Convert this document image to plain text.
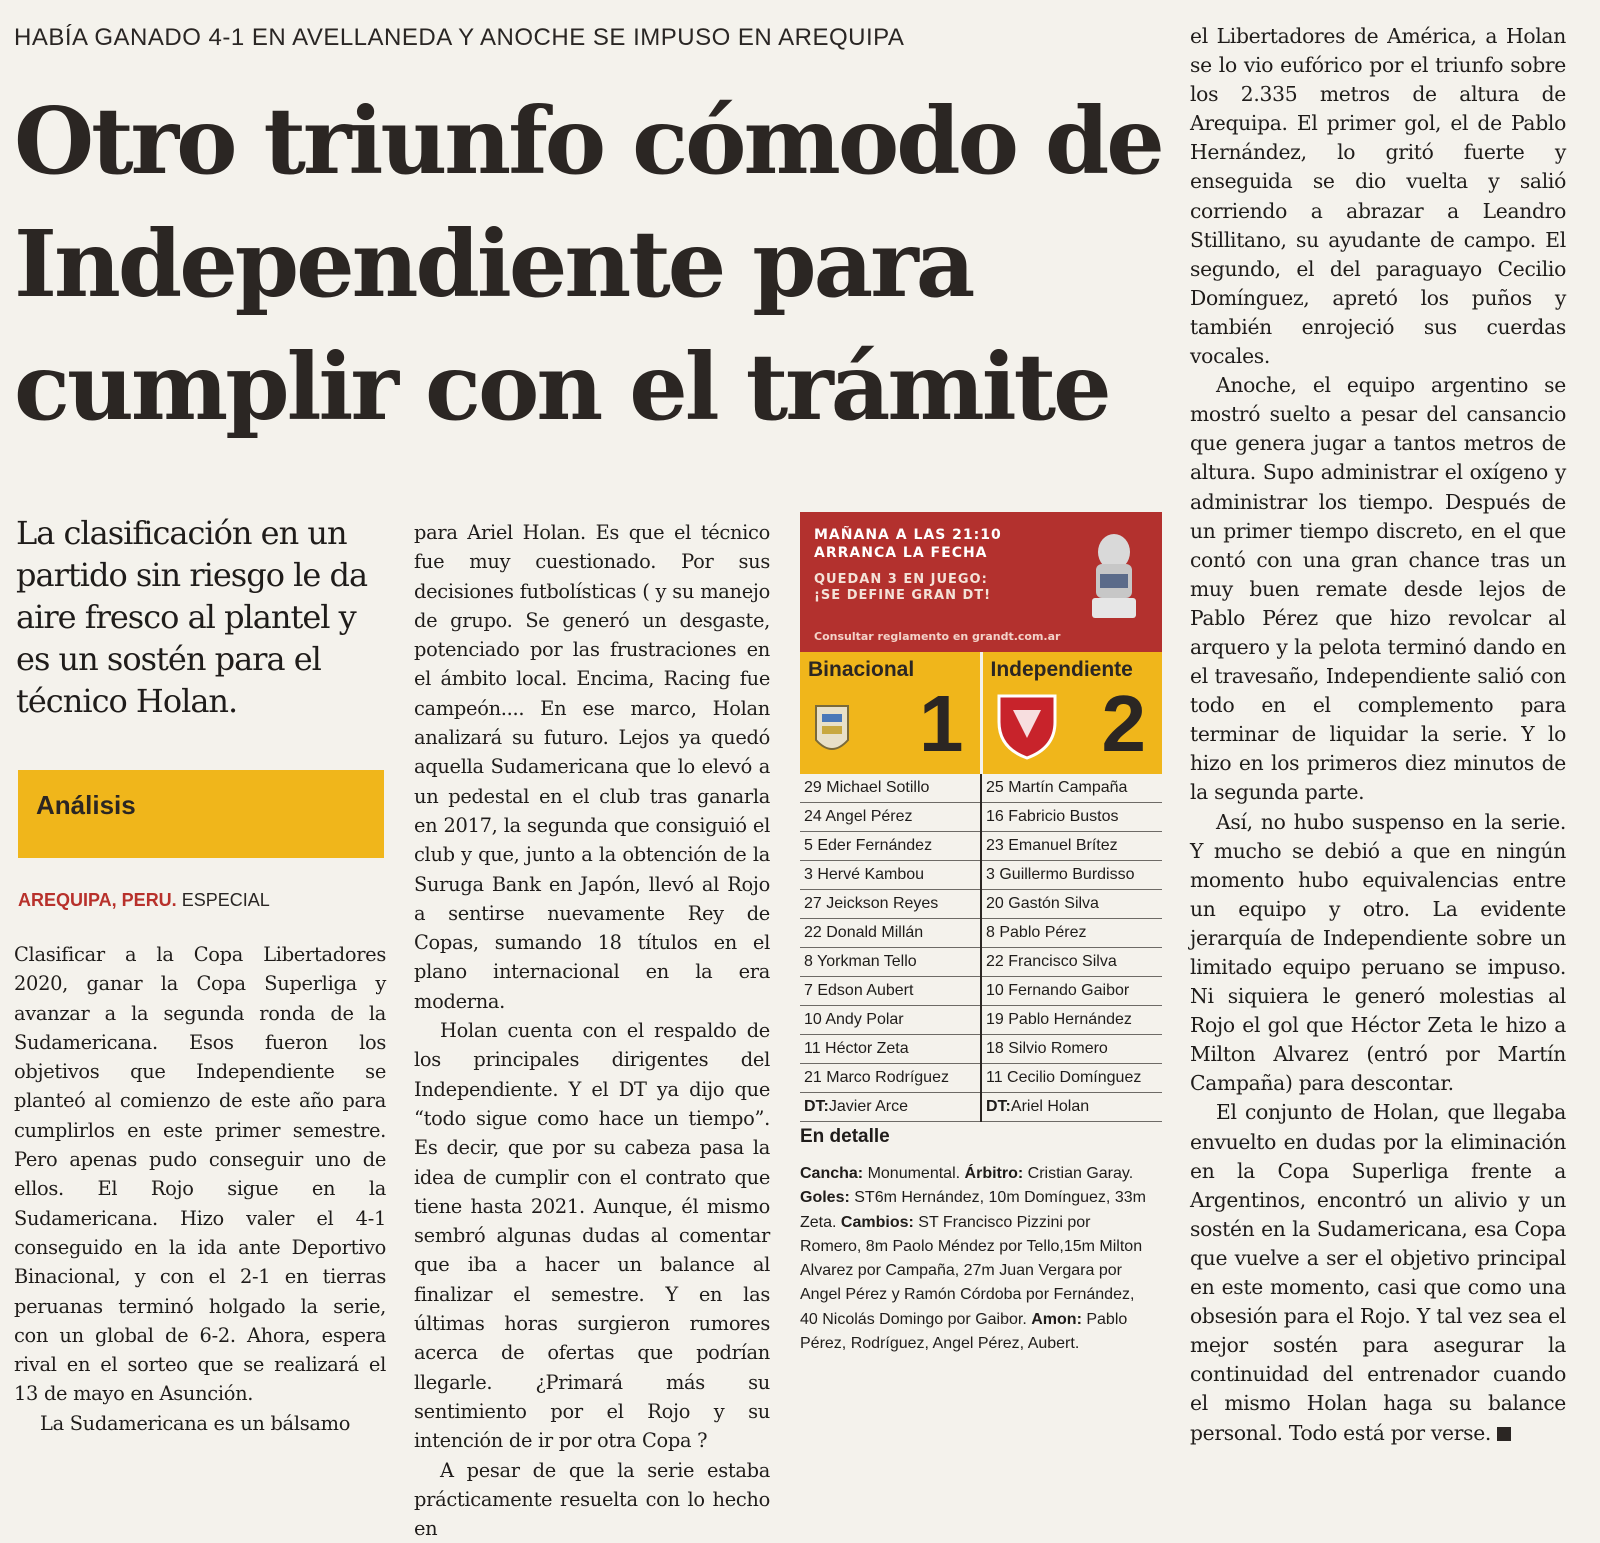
HABÍA GANADO 4-1 EN AVELLANEDA Y ANOCHE SE IMPUSO EN AREQUIPA
Otro triunfo cómodo de
Independiente para
cumplir con el trámite
La clasificación en un partido sin riesgo le da aire fresco al plantel y es un sostén para el técnico Holan.
Análisis
AREQUIPA, PERU. ESPECIAL

Clasificar a la Copa Libertadores 2020, ganar la Copa Superliga y avanzar a la segunda ronda de la Sudamericana. Esos fueron los objetivos que Independiente se planteó al comienzo de este año para cumplirlos en este primer semestre. Pero apenas pudo conseguir uno de ellos. El Rojo sigue en la Sudamericana. Hizo valer el 4-1 conseguido en la ida ante Deportivo Binacional, y con el 2-1 en tierras peruanas terminó holgado la serie, con un global de 6-2. Ahora, espera rival en el sorteo que se realizará el 13 de mayo en Asunción.

La Sudamericana es un bálsamo

para Ariel Holan. Es que el técnico fue muy cuestionado. Por sus decisiones futbolísticas ( y su manejo de grupo. Se generó un desgaste, potenciado por las frustraciones en el ámbito local. Encima, Racing fue campeón.... En ese marco, Holan analizará su futuro. Lejos ya quedó aquella Sudamericana que lo elevó a un pedestal en el club tras ganarla en 2017, la segunda que consiguió el club y que, junto a la obtención de la Suruga Bank en Japón, llevó al Rojo a sentirse nuevamente Rey de Copas, sumando 18 títulos en el plano internacional en la era moderna.

Holan cuenta con el respaldo de los principales dirigentes del Independiente. Y el DT ya dijo que “todo sigue como hace un tiempo”. Es decir, que por su cabeza pasa la idea de cumplir con el contrato que tiene hasta 2021. Aunque, él mismo sembró algunas dudas al comentar que iba a hacer un balance al finalizar el semestre. Y en las últimas horas surgieron rumores acerca de ofertas que podrían llegarle. ¿Primará más su sentimiento por el Rojo y su intención de ir por otra Copa ?

A pesar de que la serie estaba prácticamente resuelta con lo hecho en

el Libertadores de América, a Holan se lo vio eufórico por el triunfo sobre los 2.335 metros de altura de Arequipa. El primer gol, el de Pablo Hernández, lo gritó fuerte y enseguida se dio vuelta y salió corriendo a abrazar a Leandro Stillitano, su ayudante de campo. El segundo, el del paraguayo Cecilio Domínguez, apretó los puños y también enrojeció sus cuerdas vocales.

Anoche, el equipo argentino se mostró suelto a pesar del cansancio que genera jugar a tantos metros de altura. Supo administrar el oxígeno y administrar los tiempo. Después de un primer tiempo discreto, en el que contó con una gran chance tras un muy buen remate desde lejos de Pablo Pérez que hizo revolcar al arquero y la pelota terminó dando en el travesaño, Independiente salió con todo en el complemento para terminar de liquidar la serie. Y lo hizo en los primeros diez minutos de la segunda parte.

Así, no hubo suspenso en la serie. Y mucho se debió a que en ningún momento hubo equivalencias entre un equipo y otro. La evidente jerarquía de Independiente sobre un limitado equipo peruano se impuso. Ni siquiera le generó molestias al Rojo el gol que Héctor Zeta le hizo a Milton Alvarez (entró por Martín Campaña) para descontar.

El conjunto de Holan, que llegaba envuelto en dudas por la eliminación en la Copa Superliga frente a Argentinos, encontró un alivio y un sostén en la Sudamericana, esa Copa que vuelve a ser el objetivo principal en este momento, casi que como una obsesión para el Rojo. Y tal vez sea el mejor sostén para asegurar la continuidad del entrenador cuando el mismo Holan haga su balance personal. Todo está por verse.

MAÑANA A LAS 21:10
ARRANCA LA FECHA
QUEDAN 3 EN JUEGO:
¡SE DEFINE GRAN DT!
Consultar reglamento en grandt.com.ar
Binacional
1
Independiente
2
29 Michael Sotillo
24 Angel Pérez
5 Eder Fernández
3 Hervé Kambou
27 Jeickson Reyes
22 Donald Millán
8 Yorkman Tello
7 Edson Aubert
10 Andy Polar
11 Héctor Zeta
21 Marco Rodríguez
DT:Javier Arce
25 Martín Campaña
16 Fabricio Bustos
23 Emanuel Brítez
3 Guillermo Burdisso
20 Gastón Silva
8 Pablo Pérez
22 Francisco Silva
10 Fernando Gaibor
19 Pablo Hernández
18 Silvio Romero
11 Cecilio Domínguez
DT:Ariel Holan
En detalle
Cancha: Monumental. Árbitro: Cristian Garay. Goles: ST6m Hernández, 10m Domínguez, 33m Zeta. Cambios: ST Francisco Pizzini por Romero, 8m Paolo Méndez por Tello,15m Milton Alvarez por Campaña, 27m Juan Vergara por Angel Pérez y Ramón Córdoba por Fernández, 40 Nicolás Domingo por Gaibor. Amon: Pablo Pérez, Rodríguez, Angel Pérez, Aubert.
